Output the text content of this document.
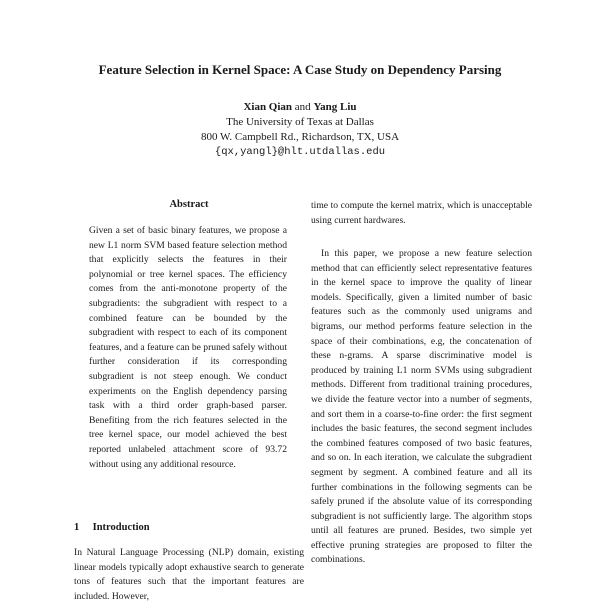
Feature Selection in Kernel Space: A Case Study on Dependency Parsing
Xian Qian and Yang Liu
The University of Texas at Dallas
800 W. Campbell Rd., Richardson, TX, USA
{qx,yangl}@hlt.utdallas.edu
Abstract
Given a set of basic binary features, we propose a new L1 norm SVM based feature selection method that explicitly selects the features in their polynomial or tree kernel spaces. The efficiency comes from the anti-monotone property of the subgradients: the subgradient with respect to a combined feature can be bounded by the subgradient with respect to each of its component features, and a feature can be pruned safely without further consideration if its corresponding subgradient is not steep enough. We conduct experiments on the English dependency parsing task with a third order graph-based parser. Benefiting from the rich features selected in the tree kernel space, our model achieved the best reported unlabeled attachment score of 93.72 without using any additional resource.
1 Introduction
In Natural Language Processing (NLP) domain, existing linear models typically adopt exhaustive search to generate tons of features such that the important features are included. However,
time to compute the kernel matrix, which is unacceptable using current hardwares.
In this paper, we propose a new feature selection method that can efficiently select representative features in the kernel space to improve the quality of linear models. Specifically, given a limited number of basic features such as the commonly used unigrams and bigrams, our method performs feature selection in the space of their combinations, e.g, the concatenation of these n-grams. A sparse discriminative model is produced by training L1 norm SVMs using subgradient methods. Different from traditional training procedures, we divide the feature vector into a number of segments, and sort them in a coarse-to-fine order: the first segment includes the basic features, the second segment includes the combined features composed of two basic features, and so on. In each iteration, we calculate the subgradient segment by segment. A combined feature and all its further combinations in the following segments can be safely pruned if the absolute value of its corresponding subgradient is not sufficiently large. The algorithm stops until all features are pruned. Besides, two simple yet effective pruning strategies are proposed to filter the combinations.
